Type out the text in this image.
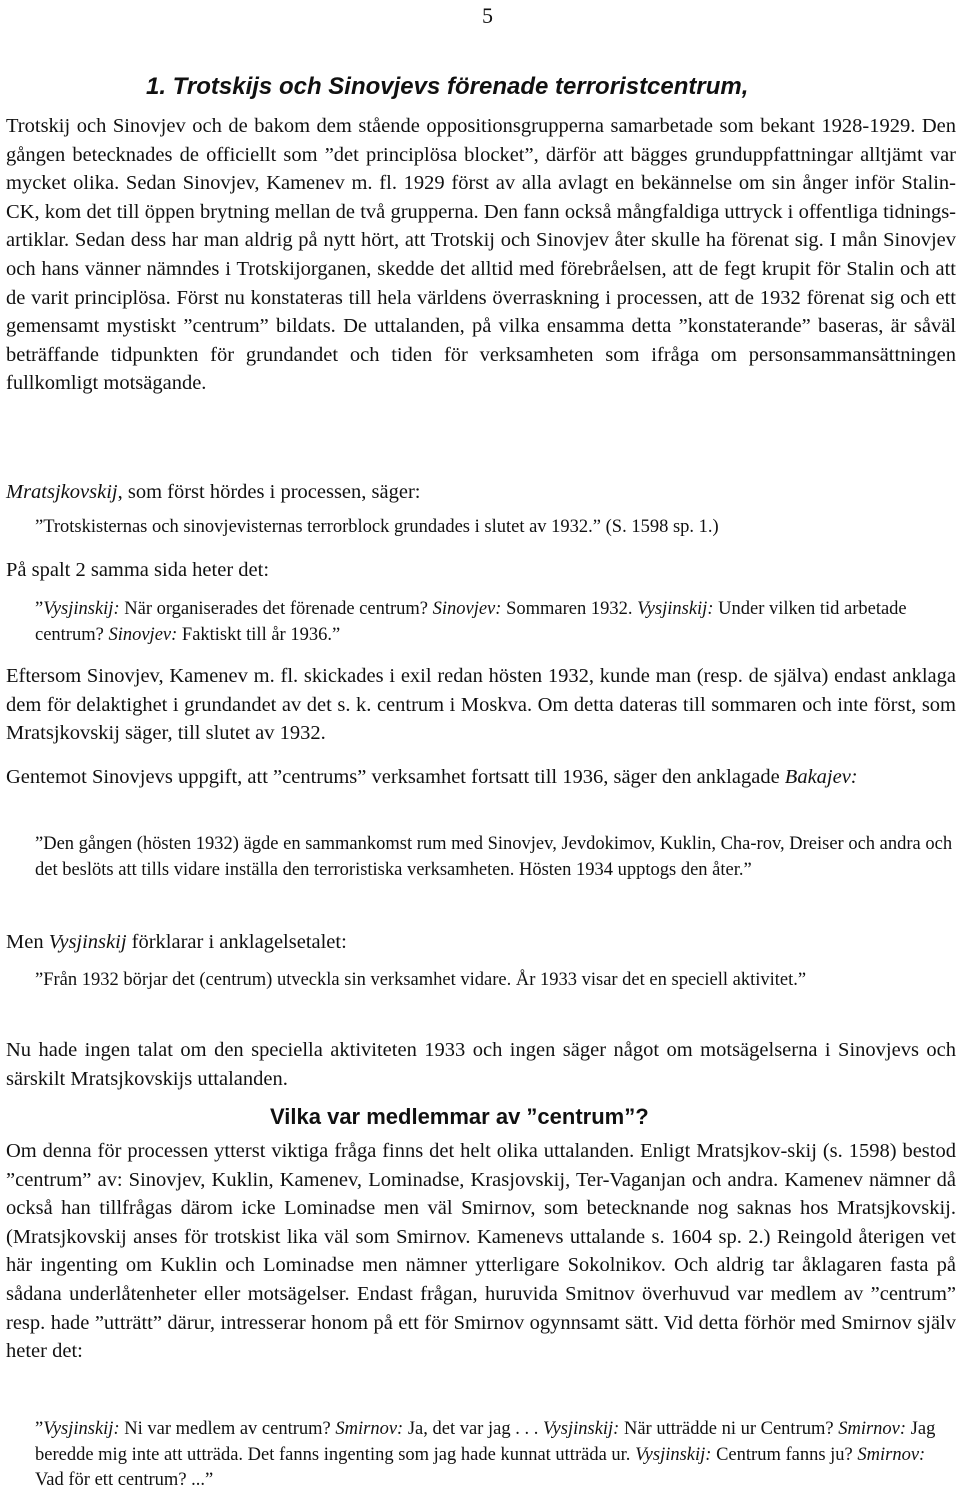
5
1. Trotskijs och Sinovjevs förenade terroristcentrum,

Trotskij och Sinovjev och de bakom dem stående oppositionsgrupperna samarbetade som bekant 1928-1929. Den gången betecknades de officiellt som ”det principlösa blocket”, därför att bägges grunduppfattningar alltjämt var mycket olika. Sedan Sinovjev, Kamenev m. fl. 1929 först av alla avlagt en bekännelse om sin ånger inför Stalin-CK, kom det till öppen brytning mellan de två grupperna. Den fann också mångfaldiga uttryck i offentliga tidnings-artiklar. Sedan dess har man aldrig på nytt hört, att Trotskij och Sinovjev åter skulle ha förenat sig. I mån Sinovjev och hans vänner nämndes i Trotskijorganen, skedde det alltid med förebråelsen, att de fegt krupit för Stalin och att de varit principlösa. Först nu konstateras till hela världens överraskning i processen, att de 1932 förenat sig och ett gemensamt mystiskt ”centrum” bildats. De uttalanden, på vilka ensamma detta ”konstaterande” baseras, är såväl beträffande tidpunkten för grundandet och tiden för verksamheten som ifråga om personsammansättningen fullkomligt motsägande.

Mratsjkovskij, som först hördes i processen, säger:

”Trotskisternas och sinovjevisternas terrorblock grundades i slutet av 1932.” (S. 1598 sp. 1.)

På spalt 2 samma sida heter det:

”Vysjinskij: När organiserades det förenade centrum? Sinovjev: Sommaren 1932. Vysjinskij: Under vilken tid arbetade centrum? Sinovjev: Faktiskt till år 1936.”

Eftersom Sinovjev, Kamenev m. fl. skickades i exil redan hösten 1932, kunde man (resp. de själva) endast anklaga dem för delaktighet i grundandet av det s. k. centrum i Moskva. Om detta dateras till sommaren och inte först, som Mratsjkovskij säger, till slutet av 1932.

Gentemot Sinovjevs uppgift, att ”centrums” verksamhet fortsatt till 1936, säger den anklagade Bakajev:

”Den gången (hösten 1932) ägde en sammankomst rum med Sinovjev, Jevdokimov, Kuklin, Cha-rov, Dreiser och andra och det beslöts att tills vidare inställa den terroristiska verksamheten. Hösten 1934 upptogs den åter.”

Men Vysjinskij förklarar i anklagelsetalet:

”Från 1932 börjar det (centrum) utveckla sin verksamhet vidare. År 1933 visar det en speciell aktivitet.”

Nu hade ingen talat om den speciella aktiviteten 1933 och ingen säger något om motsägelserna i Sinovjevs och särskilt Mratsjkovskijs uttalanden.

Vilka var medlemmar av ”centrum”?

Om denna för processen ytterst viktiga fråga finns det helt olika uttalanden. Enligt Mratsjkov-skij (s. 1598) bestod ”centrum” av: Sinovjev, Kuklin, Kamenev, Lominadse, Krasjovskij, Ter-Vaganjan och andra. Kamenev nämner då också han tillfrågas därom icke Lominadse men väl Smirnov, som betecknande nog saknas hos Mratsjkovskij. (Mratsjkovskij anses för trotskist lika väl som Smirnov. Kamenevs uttalande s. 1604 sp. 2.) Reingold återigen vet här ingenting om Kuklin och Lominadse men nämner ytterligare Sokolnikov. Och aldrig tar åklagaren fasta på sådana underlåtenheter eller motsägelser. Endast frågan, huruvida Smitnov överhuvud var medlem av ”centrum” resp. hade ”utträtt” därur, intresserar honom på ett för Smirnov ogynnsamt sätt. Vid detta förhör med Smirnov själv heter det:

”Vysjinskij: Ni var medlem av centrum? Smirnov: Ja, det var jag . . . Vysjinskij: När utträdde ni ur Centrum? Smirnov: Jag beredde mig inte att utträda. Det fanns ingenting som jag hade kunnat utträda ur. Vysjinskij: Centrum fanns ju? Smirnov: Vad för ett centrum? ...”
